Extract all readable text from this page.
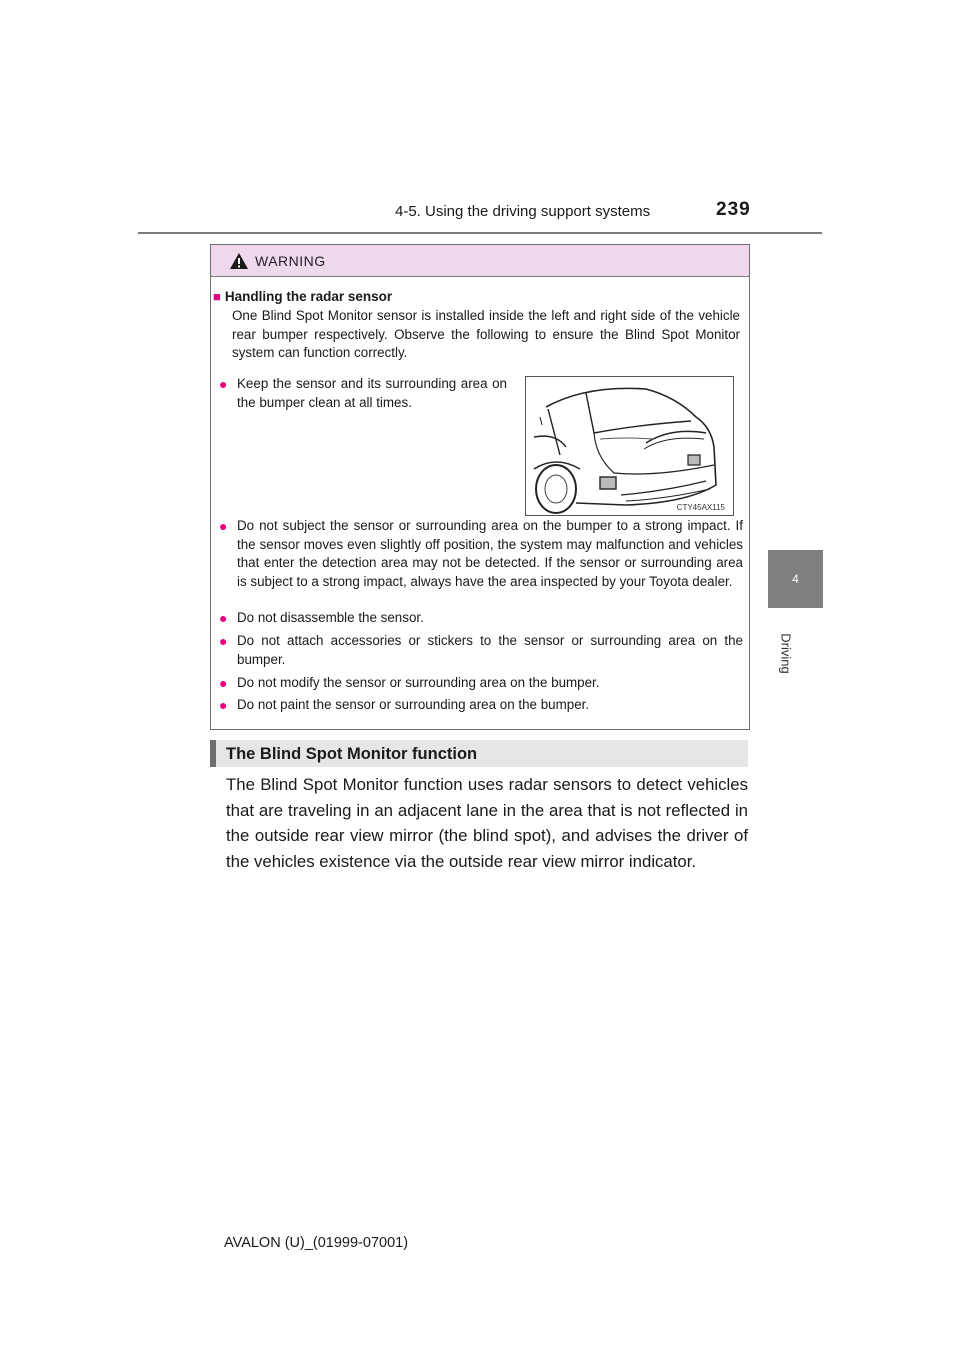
4-5. Using the driving support systems	239
4
Driving
WARNING
■ Handling the radar sensor
One Blind Spot Monitor sensor is installed inside the left and right side of the vehicle rear bumper respectively. Observe the following to ensure the Blind Spot Monitor system can function correctly.
● Keep the sensor and its surrounding area on the bumper clean at all times.
CTY45AX115
● Do not subject the sensor or surrounding area on the bumper to a strong impact. If the sensor moves even slightly off position, the system may malfunction and vehicles that enter the detection area may not be detected. If the sensor or surrounding area is subject to a strong impact, always have the area inspected by your Toyota dealer.
● Do not disassemble the sensor.
● Do not attach accessories or stickers to the sensor or surrounding area on the bumper.
● Do not modify the sensor or surrounding area on the bumper.
● Do not paint the sensor or surrounding area on the bumper.
The Blind Spot Monitor function
The Blind Spot Monitor function uses radar sensors to detect vehicles that are traveling in an adjacent lane in the area that is not reflected in the outside rear view mirror (the blind spot), and advises the driver of the vehicles existence via the outside rear view mirror indicator.
AVALON (U)_(01999-07001)
